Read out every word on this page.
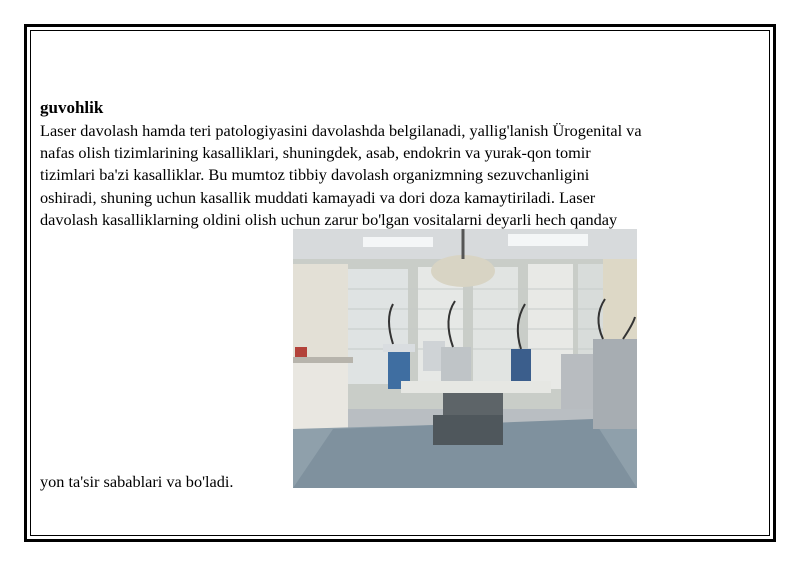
guvohlik
Laser davolash hamda teri patologiyasini davolashda belgilanadi, yallig'lanish Ürogenital va
nafas olish tizimlarining kasalliklari, shuningdek, asab, endokrin va yurak-qon tomir
tizimlari ba'zi kasalliklar. Bu mumtoz tibbiy davolash organizmning sezuvchanligini
oshiradi, shuning uchun kasallik muddati kamayadi va dori doza kamaytiriladi. Laser
davolash kasalliklarning oldini olish uchun zarur bo'lgan vositalarni deyarli hech qanday
yon ta'sir sabablari va bo'ladi.
